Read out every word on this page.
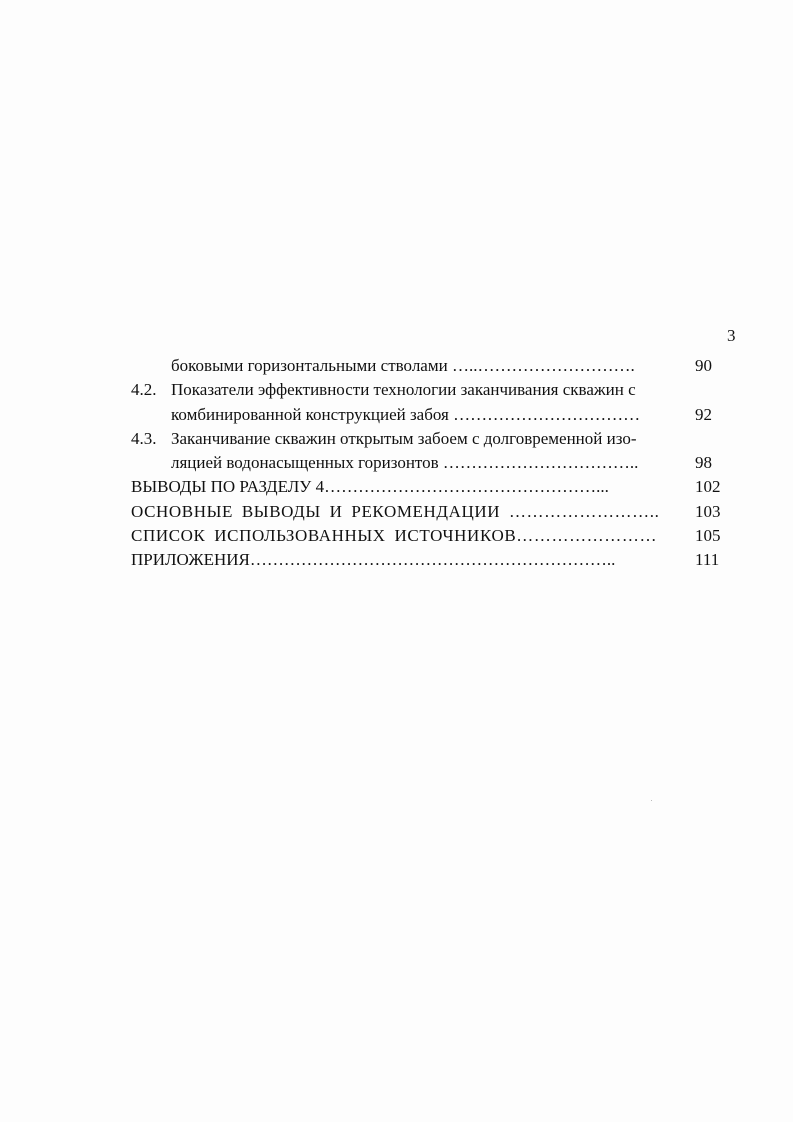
3
боковыми горизонтальными стволами …..……………………….	90
4.2. Показатели эффективности технологии заканчивания скважин с
комбинированной конструкцией забоя ……………………………	92
4.3. Заканчивание скважин открытым забоем с долговременной изо-
ляцией водонасыщенных горизонтов ……………………………..	98
ВЫВОДЫ ПО РАЗДЕЛУ 4…………………………………………...	102
ОСНОВНЫЕ ВЫВОДЫ И РЕКОМЕНДАЦИИ …………………….. 103
СПИСОК ИСПОЛЬЗОВАННЫХ ИСТОЧНИКОВ…………………… 105
ПРИЛОЖЕНИЯ………………………………………………………..	111
